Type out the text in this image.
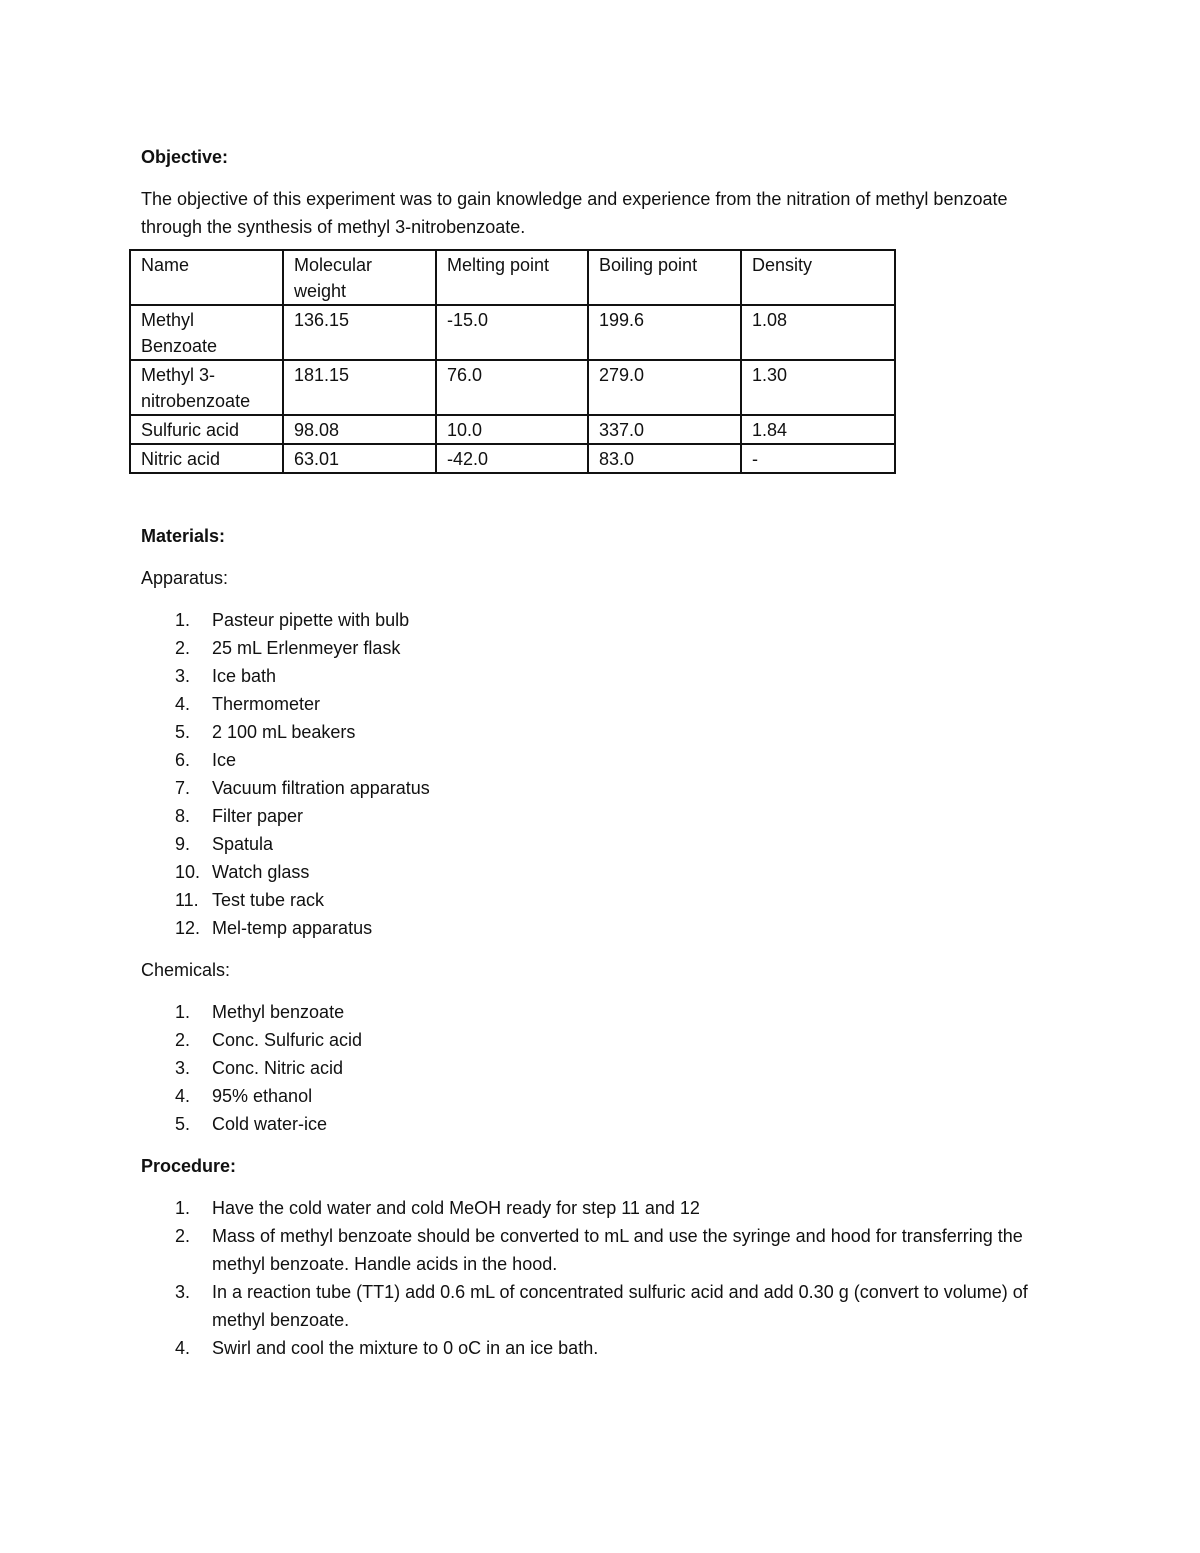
Objective:

The objective of this experiment was to gain knowledge and experience from the nitration of methyl benzoate through the synthesis of methyl 3-nitrobenzoate.

Name	Molecular weight	Melting point	Boiling point	Density
Methyl Benzoate	136.15	-15.0	199.6	1.08
Methyl 3-nitrobenzoate	181.15	76.0	279.0	1.30
Sulfuric acid	98.08	10.0	337.0	1.84
Nitric acid	63.01	-42.0	83.0	-

Materials:

Apparatus:

1.	Pasteur pipette with bulb
2.	25 mL Erlenmeyer flask
3.	Ice bath
4.	Thermometer
5.	2 100 mL beakers
6.	Ice
7.	Vacuum filtration apparatus
8.	Filter paper
9.	Spatula
10. Watch glass
11. Test tube rack
12. Mel-temp apparatus

Chemicals:

1.	Methyl benzoate
2.	Conc. Sulfuric acid
3.	Conc. Nitric acid
4.	95% ethanol
5.	Cold water-ice

Procedure:

1.	Have the cold water and cold MeOH ready for step 11 and 12
2.	Mass of methyl benzoate should be converted to mL and use the syringe and hood for transferring the methyl benzoate. Handle acids in the hood.
3.	In a reaction tube (TT1) add 0.6 mL of concentrated sulfuric acid and add 0.30 g (convert to volume) of methyl benzoate.
4.	Swirl and cool the mixture to 0 oC in an ice bath.
